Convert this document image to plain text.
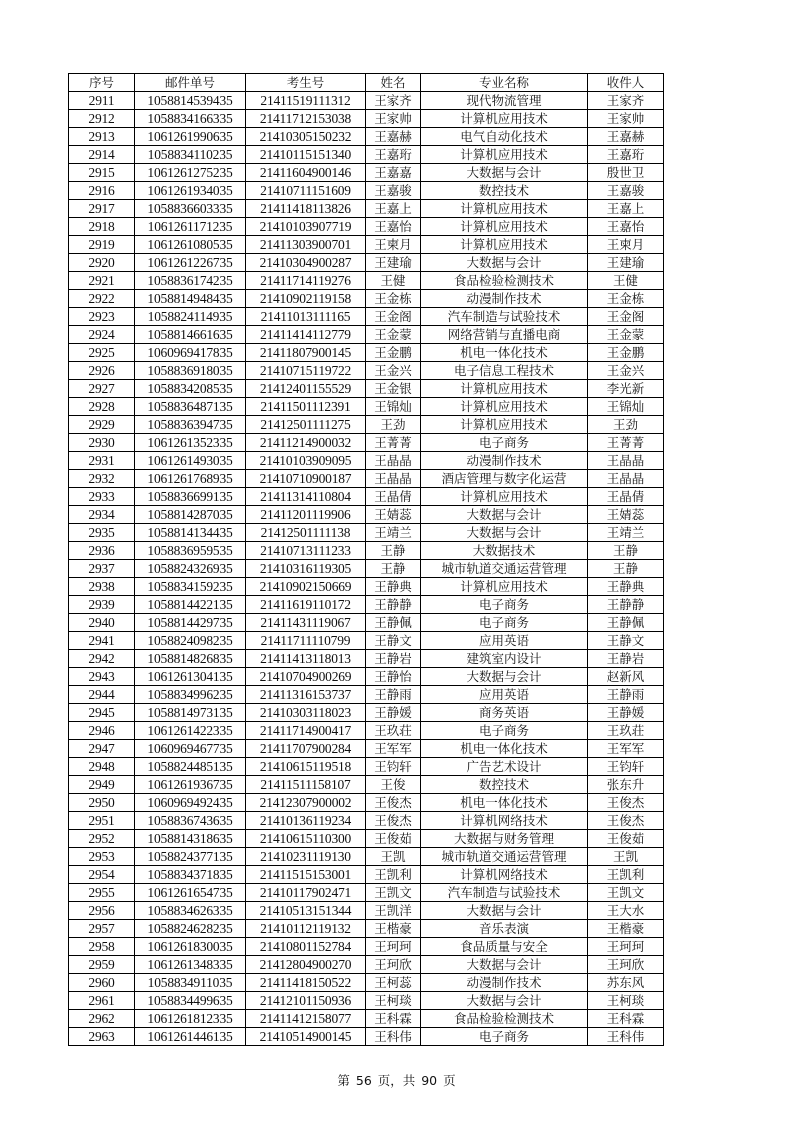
序号	邮件单号	考生号	姓名	专业名称	收件人
2911	1058814539435	21411519111312	王家齐	现代物流管理	王家齐
2912	1058834166335	21411712153038	王家帅	计算机应用技术	王家帅
2913	1061261990635	21410305150232	王嘉赫	电气自动化技术	王嘉赫
2914	1058834110235	21410115151340	王嘉珩	计算机应用技术	王嘉珩
2915	1061261275235	21411604900146	王嘉嘉	大数据与会计	殷世卫
2916	1061261934035	21410711151609	王嘉骏	数控技术	王嘉骏
2917	1058836603335	21411418113826	王嘉上	计算机应用技术	王嘉上
2918	1061261171235	21410103907719	王嘉怡	计算机应用技术	王嘉怡
2919	1061261080535	21411303900701	王柬月	计算机应用技术	王柬月
2920	1061261226735	21410304900287	王建瑜	大数据与会计	王建瑜
2921	1058836174235	21411714119276	王健	食品检验检测技术	王健
2922	1058814948435	21410902119158	王金栋	动漫制作技术	王金栋
2923	1058824114935	21411013111165	王金阁	汽车制造与试验技术	王金阁
2924	1058814661635	21411414112779	王金蒙	网络营销与直播电商	王金蒙
2925	1060969417835	21411807900145	王金鹏	机电一体化技术	王金鹏
2926	1058836918035	21410715119722	王金兴	电子信息工程技术	王金兴
2927	1058834208535	21412401155529	王金银	计算机应用技术	李光新
2928	1058836487135	21411501112391	王锦灿	计算机应用技术	王锦灿
2929	1058836394735	21412501111275	王劲	计算机应用技术	王劲
2930	1061261352335	21411214900032	王菁菁	电子商务	王菁菁
2931	1061261493035	21410103909095	王晶晶	动漫制作技术	王晶晶
2932	1061261768935	21410710900187	王晶晶	酒店管理与数字化运营	王晶晶
2933	1058836699135	21411314110804	王晶倩	计算机应用技术	王晶倩
2934	1058814287035	21411201119906	王婧蕊	大数据与会计	王婧蕊
2935	1058814134435	21412501111138	王靖兰	大数据与会计	王靖兰
2936	1058836959535	21410713111233	王静	大数据技术	王静
2937	1058824326935	21410316119305	王静	城市轨道交通运营管理	王静
2938	1058834159235	21410902150669	王静典	计算机应用技术	王静典
2939	1058814422135	21411619110172	王静静	电子商务	王静静
2940	1058814429735	21411431119067	王静佩	电子商务	王静佩
2941	1058824098235	21411711110799	王静文	应用英语	王静文
2942	1058814826835	21411413118013	王静岩	建筑室内设计	王静岩
2943	1061261304135	21410704900269	王静怡	大数据与会计	赵新风
2944	1058834996235	21411316153737	王静雨	应用英语	王静雨
2945	1058814973135	21410303118023	王静媛	商务英语	王静媛
2946	1061261422335	21411714900417	王玖荘	电子商务	王玖荘
2947	1060969467735	21411707900284	王军军	机电一体化技术	王军军
2948	1058824485135	21410615119518	王钧轩	广告艺术设计	王钧轩
2949	1061261936735	21411511158107	王俊	数控技术	张东升
2950	1060969492435	21412307900002	王俊杰	机电一体化技术	王俊杰
2951	1058836743635	21410136119234	王俊杰	计算机网络技术	王俊杰
2952	1058814318635	21410615110300	王俊茹	大数据与财务管理	王俊茹
2953	1058824377135	21410231119130	王凯	城市轨道交通运营管理	王凯
2954	1058834371835	21411515153001	王凯利	计算机网络技术	王凯利
2955	1061261654735	21410117902471	王凯文	汽车制造与试验技术	王凯文
2956	1058834626335	21410513151344	王凯洋	大数据与会计	王大水
2957	1058824628235	21410112119132	王楷豪	音乐表演	王楷豪
2958	1061261830035	21410801152784	王珂珂	食品质量与安全	王珂珂
2959	1061261348335	21412804900270	王珂欣	大数据与会计	王珂欣
2960	1058834911035	21411418150522	王柯蕊	动漫制作技术	苏东风
2961	1058834499635	21412101150936	王柯琰	大数据与会计	王柯琰
2962	1061261812335	21411412158077	王科霖	食品检验检测技术	王科霖
2963	1061261446135	21410514900145	王科伟	电子商务	王科伟
第 56 页，共 90 页
